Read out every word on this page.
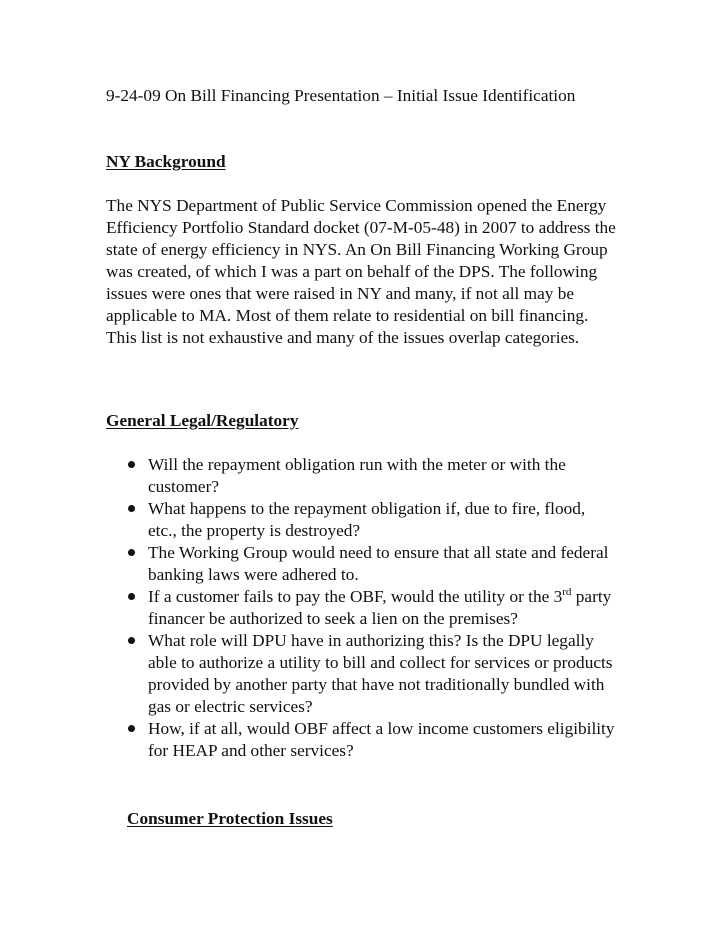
9-24-09 On Bill Financing Presentation – Initial Issue Identification

NY Background

The NYS Department of Public Service Commission opened the Energy Efficiency Portfolio Standard docket (07-M-05-48) in 2007 to address the state of energy efficiency in NYS. An On Bill Financing Working Group was created, of which I was a part on behalf of the DPS. The following issues were ones that were raised in NY and many, if not all may be applicable to MA. Most of them relate to residential on bill financing. This list is not exhaustive and many of the issues overlap categories.

General Legal/Regulatory
Will the repayment obligation run with the meter or with the customer?
What happens to the repayment obligation if, due to fire, flood, etc., the property is destroyed?
The Working Group would need to ensure that all state and federal banking laws were adhered to.
If a customer fails to pay the OBF, would the utility or the 3rd party financer be authorized to seek a lien on the premises?
What role will DPU have in authorizing this? Is the DPU legally able to authorize a utility to bill and collect for services or products provided by another party that have not traditionally bundled with gas or electric services?
How, if at all, would OBF affect a low income customers eligibility for HEAP and other services?
Consumer Protection Issues
